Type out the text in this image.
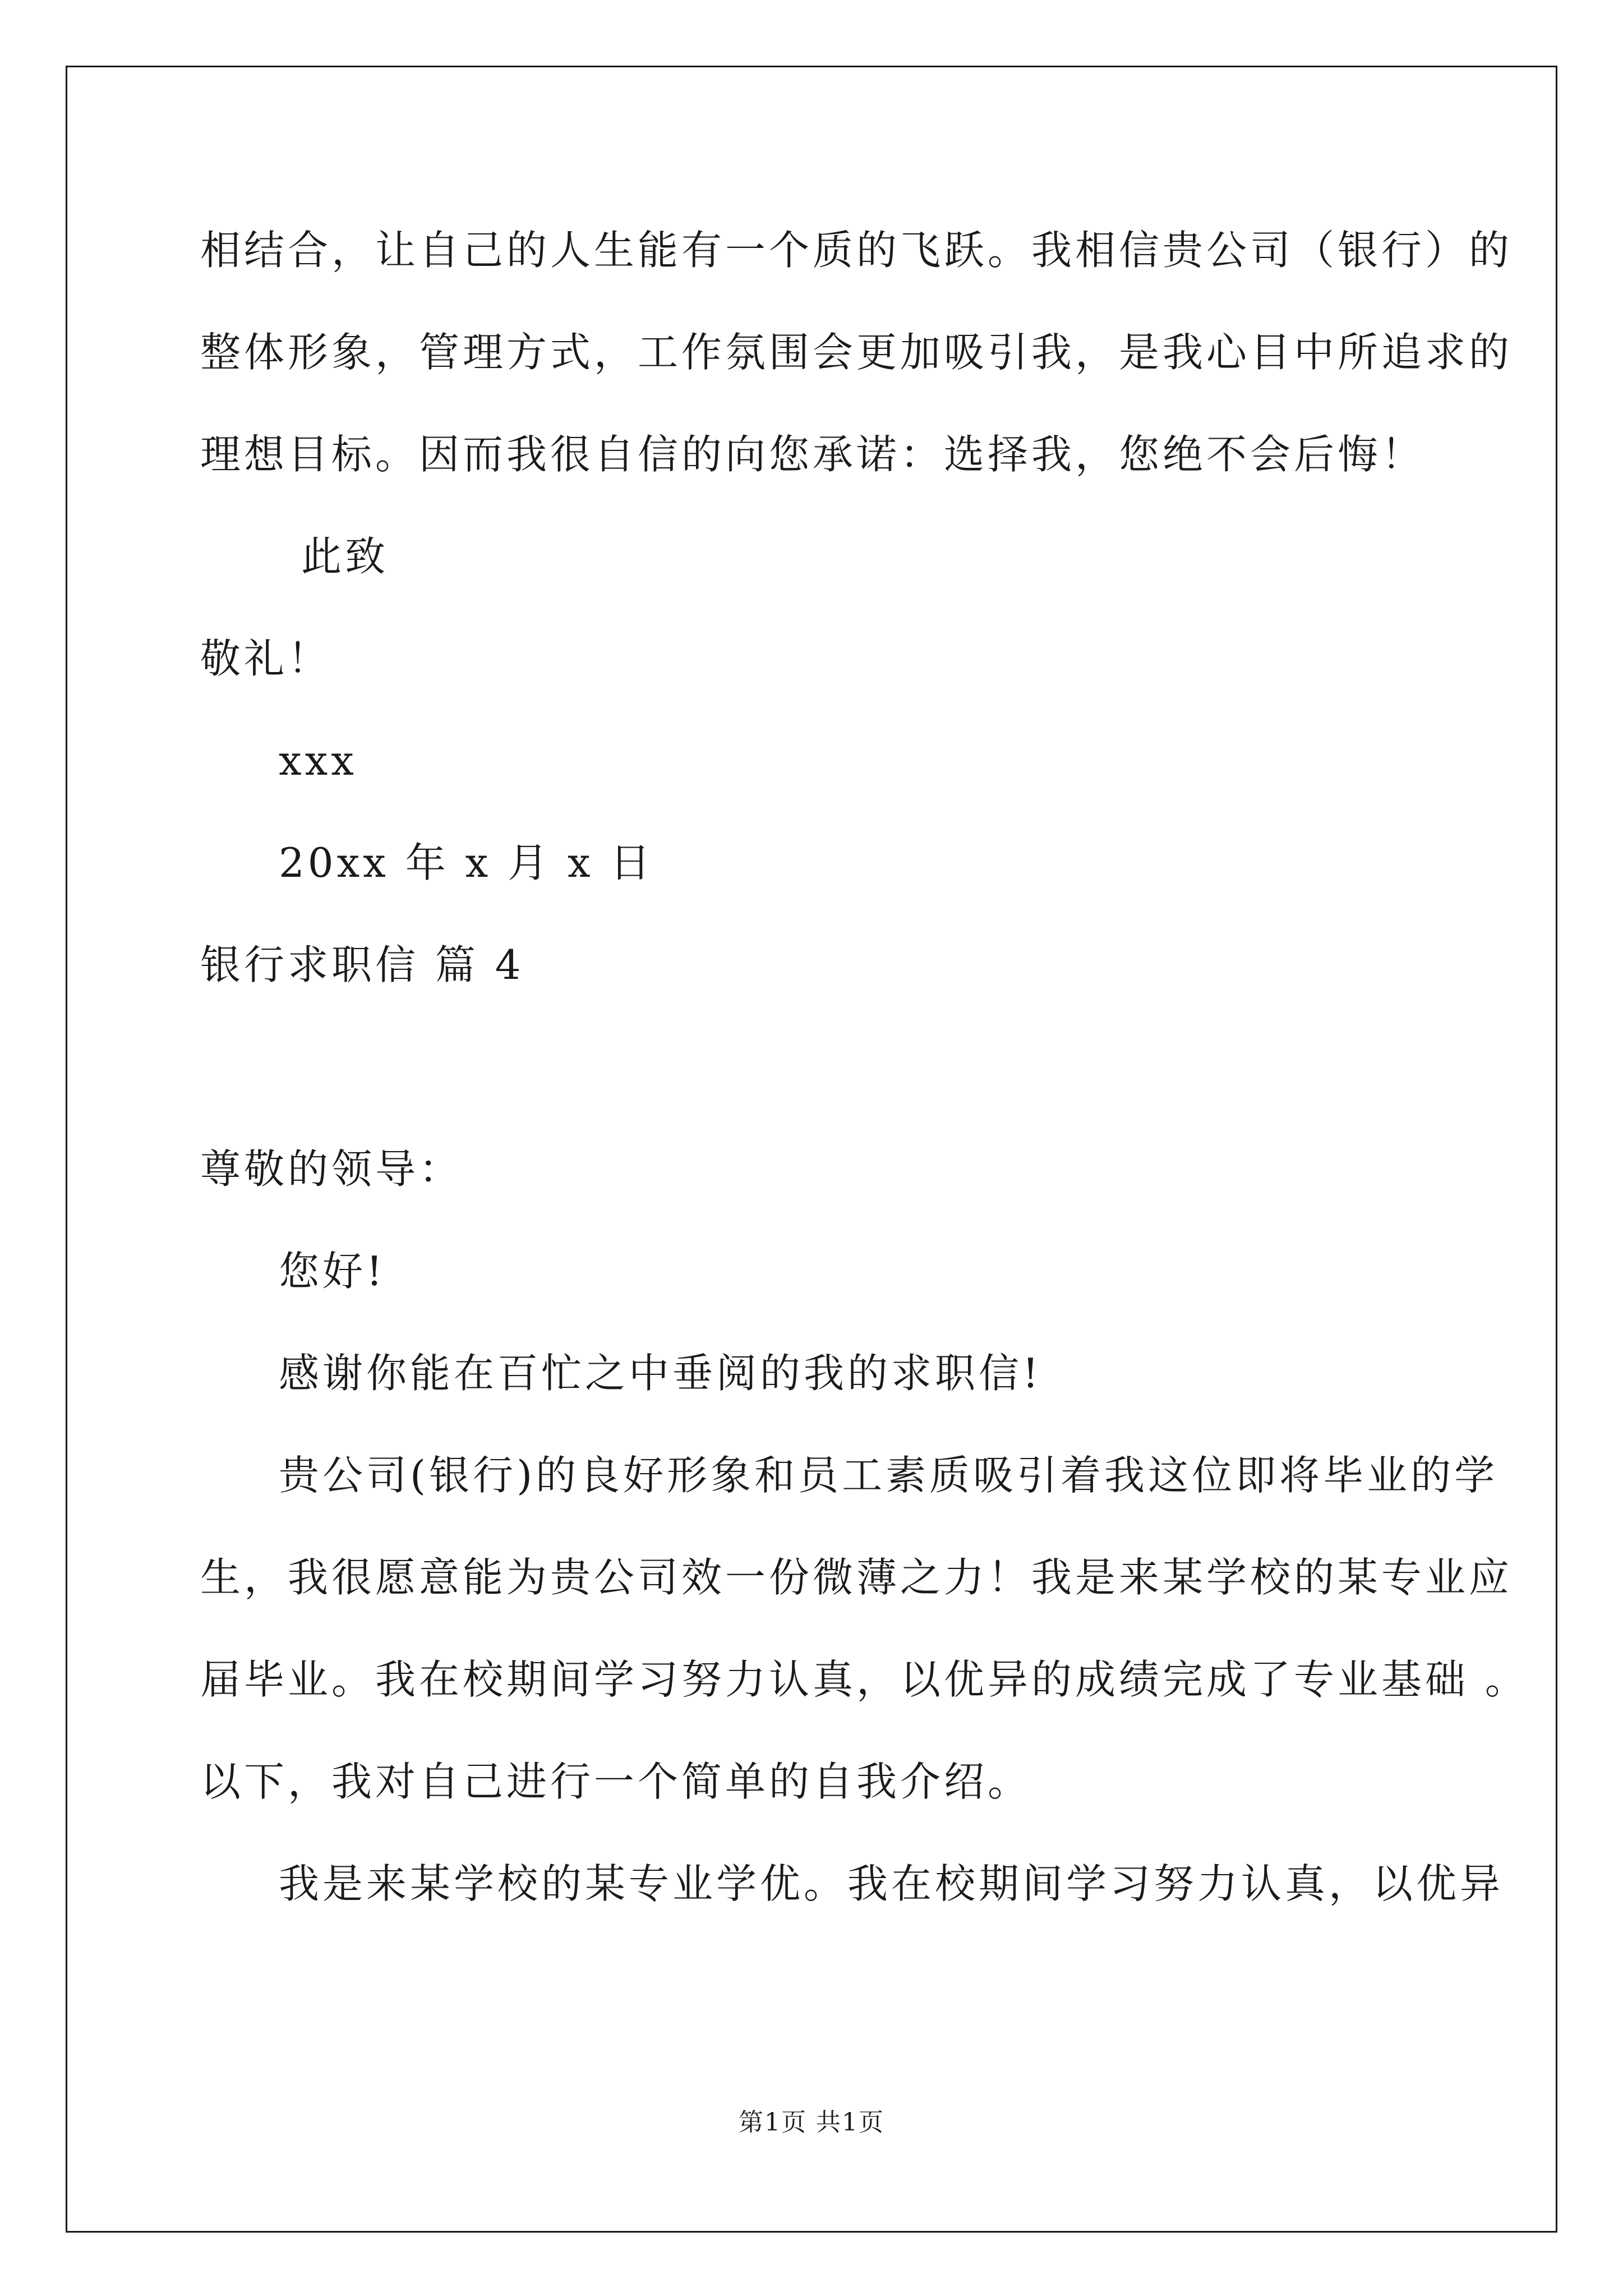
相结合，让自己的人生能有一个质的飞跃。我相信贵公司（银行）的
整体形象，管理方式，工作氛围会更加吸引我，是我心目中所追求的
理想目标。因而我很自信的向您承诺：选择我，您绝不会后悔！
此致
敬礼！
xxx
20xx 年 x 月 x 日
银行求职信 篇 4
尊敬的领导：
您好!
感谢你能在百忙之中垂阅的我的求职信!
贵公司(银行)的良好形象和员工素质吸引着我这位即将毕业的学
生，我很愿意能为贵公司效一份微薄之力！我是来某学校的某专业应
届毕业。我在校期间学习努力认真，以优异的成绩完成了专业基础 。
以下，我对自己进行一个简单的自我介绍。
我是来某学校的某专业学优。我在校期间学习努力认真，以优异
第1页 共1页
